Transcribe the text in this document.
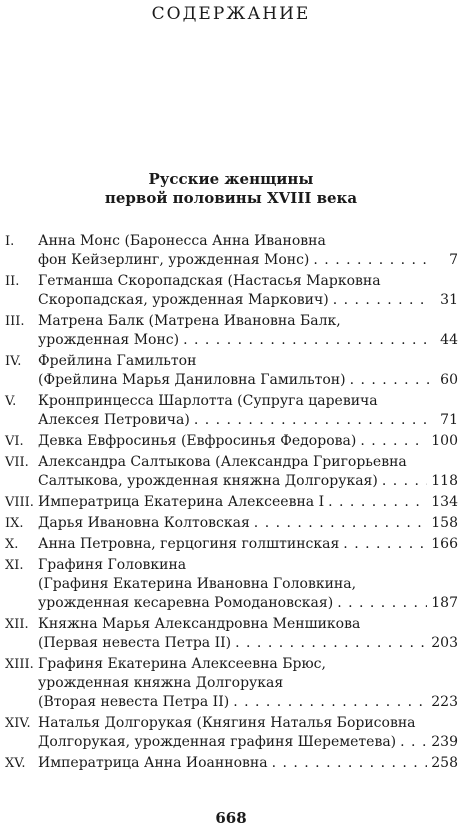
СОДЕРЖАНИЕ
Русские женщины
первой половины XVIII века
I. Анна Монс (Баронесса Анна Ивановна
фон Кейзерлинг, урожденная Монс) . . .	7
II. Гетманша Скоропадская (Настасья Марковна
Скоропадская, урожденная Маркович) . . .	31
III. Матрена Балк (Матрена Ивановна Балк,
урожденная Монс) . . .	44
IV. Фрейлина Гамильтон
(Фрейлина Марья Даниловна Гамильтон) . . .	60
V. Кронпринцесса Шарлотта (Супруга царевича
Алексея Петровича) . . .	71
VI. Девка Евфросинья (Евфросинья Федорова) . . .	100
VII. Александра Салтыкова (Александра Григорьевна
Салтыкова, урожденная княжна Долгорукая) . . .	118
VIII. Императрица Екатерина Алексеевна I . . .	134
IX. Дарья Ивановна Колтовская . . .	158
X. Анна Петровна, герцогиня голштинская . . .	166
XI. Графиня Головкина
(Графиня Екатерина Ивановна Головкина,
урожденная кесаревна Ромодановская) . . .	187
XII. Княжна Марья Александровна Меншикова
(Первая невеста Петра II) . . .	203
XIII. Графиня Екатерина Алексеевна Брюс,
урожденная княжна Долгорукая
(Вторая невеста Петра II) . . .	223
XIV. Наталья Долгорукая (Княгиня Наталья Борисовна
Долгорукая, урожденная графиня Шереметева) . . .	239
XV. Императрица Анна Иоанновна . . .	258
668
